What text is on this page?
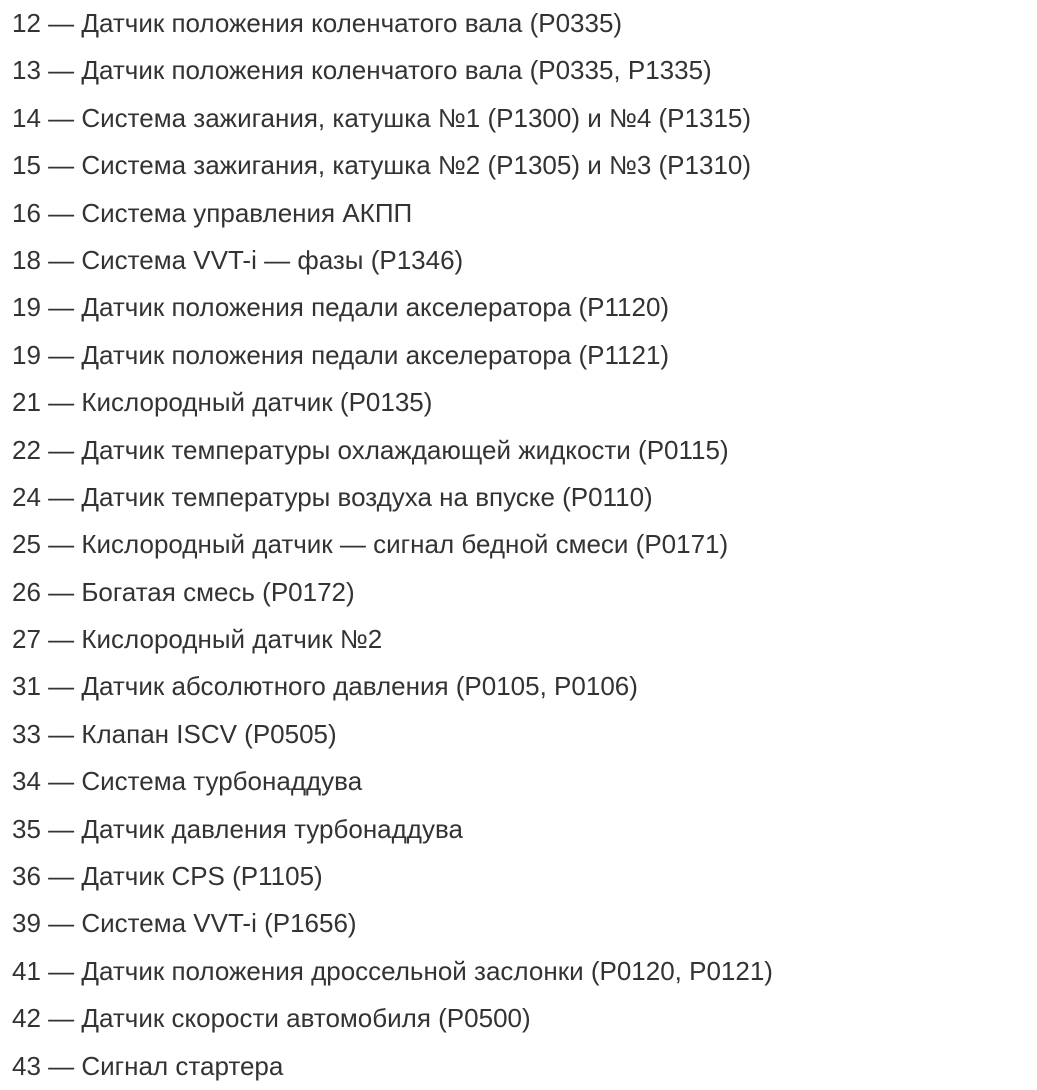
12 — Датчик положения коленчатого вала (P0335)
13 — Датчик положения коленчатого вала (P0335, P1335)
14 — Система зажигания, катушка №1 (P1300) и №4 (P1315)
15 — Система зажигания, катушка №2 (P1305) и №3 (P1310)
16 — Система управления АКПП
18 — Система VVT-i — фазы (P1346)
19 — Датчик положения педали акселератора (P1120)
19 — Датчик положения педали акселератора (P1121)
21 — Кислородный датчик (P0135)
22 — Датчик температуры охлаждающей жидкости (P0115)
24 — Датчик температуры воздуха на впуске (P0110)
25 — Кислородный датчик — сигнал бедной смеси (P0171)
26 — Богатая смесь (P0172)
27 — Кислородный датчик №2
31 — Датчик абсолютного давления (P0105, P0106)
33 — Клапан ISCV (P0505)
34 — Система турбонаддува
35 — Датчик давления турбонаддува
36 — Датчик CPS (P1105)
39 — Система VVT-i (P1656)
41 — Датчик положения дроссельной заслонки (P0120, P0121)
42 — Датчик скорости автомобиля (P0500)
43 — Сигнал стартера
